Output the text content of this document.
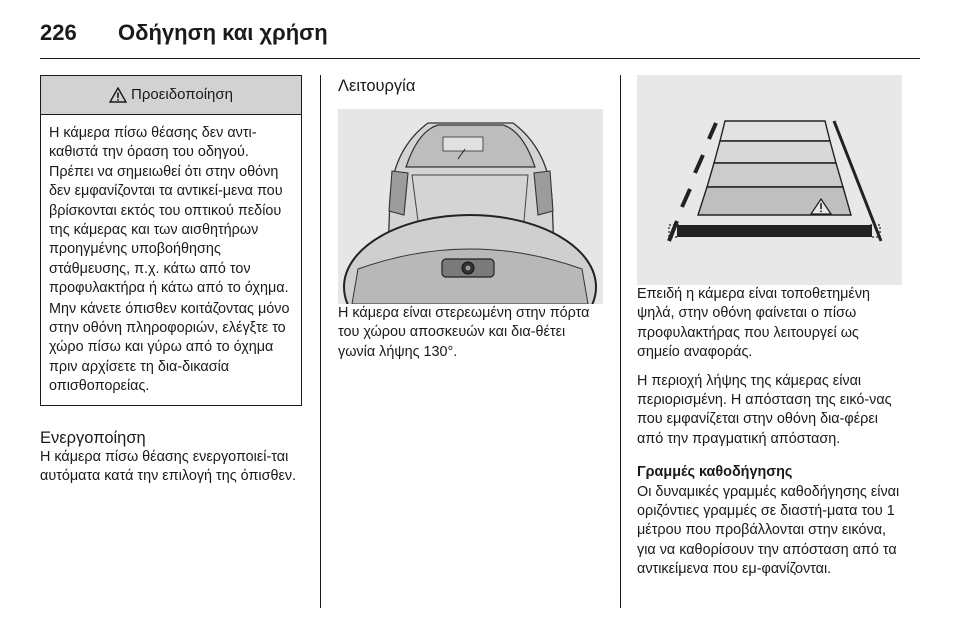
226 Οδήγηση και χρήση
Προειδοποίηση

Η κάμερα πίσω θέασης δεν αντι-καθιστά την όραση του οδηγού. Πρέπει να σημειωθεί ότι στην οθόνη δεν εμφανίζονται τα αντικεί-μενα που βρίσκονται εκτός του οπτικού πεδίου της κάμερας και των αισθητήρων προηγμένης υποβοήθησης στάθμευσης, π.χ. κάτω από τον προφυλακτήρα ή κάτω από το όχημα.

Μην κάνετε όπισθεν κοιτάζοντας μόνο στην οθόνη πληροφοριών, ελέγξτε το χώρο πίσω και γύρω από το όχημα πριν αρχίσετε τη δια-δικασία οπισθοπορείας.

Ενεργοποίηση

Η κάμερα πίσω θέασης ενεργοποιεί-ται αυτόματα κατά την επιλογή της όπισθεν.

Λειτουργία

Η κάμερα είναι στερεωμένη στην πόρτα του χώρου αποσκευών και δια-θέτει γωνία λήψης 130°.

Επειδή η κάμερα είναι τοποθετημένη ψηλά, στην οθόνη φαίνεται ο πίσω προφυλακτήρας που λειτουργεί ως σημείο αναφοράς.

Η περιοχή λήψης της κάμερας είναι περιορισμένη. Η απόσταση της εικό-νας που εμφανίζεται στην οθόνη δια-φέρει από την πραγματική απόσταση.

Γραμμές καθοδήγησης

Οι δυναμικές γραμμές καθοδήγησης είναι οριζόντιες γραμμές σε διαστή-ματα του 1 μέτρου που προβάλλονται στην εικόνα, για να καθορίσουν την απόσταση από τα αντικείμενα που εμ-φανίζονται.
